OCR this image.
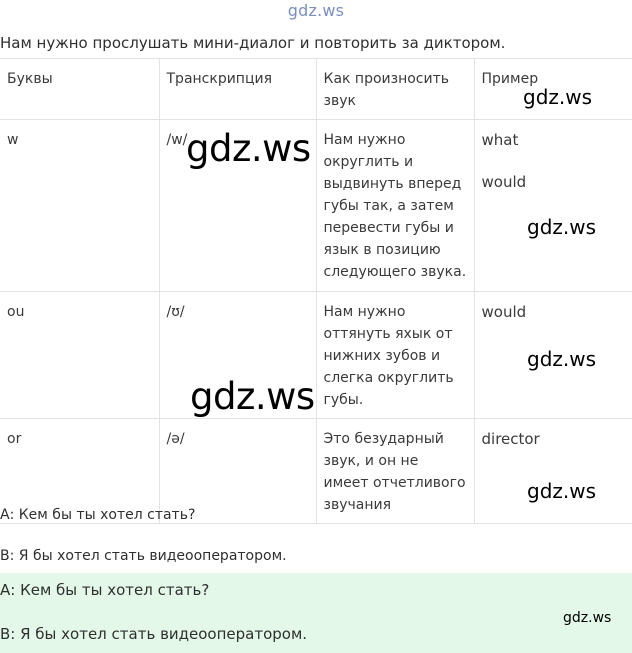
gdz.ws
Нам нужно прослушать мини-диалог и повторить за диктором.
Буквы	Транскрипция	Как произносить звук	Пример
w	/w/	Нам нужно округлить и выдвинуть вперед губы так, а затем перевести губы и язык в позицию следующего звука.	what
would

ou	/ʊ/	Нам нужно оттянуть яхык от нижних зубов и слегка округлить губы.	would

or	/ə/	Это безударный звук, и он не имеет отчетливого звучания	director
А: Кем бы ты хотел стать?
В: Я бы хотел стать видеооператором.
А: Кем бы ты хотел стать?
В: Я бы хотел стать видеооператором.
gdz.ws
gdz.ws
gdz.ws
gdz.ws
gdz.ws
gdz.ws
gdz.ws
